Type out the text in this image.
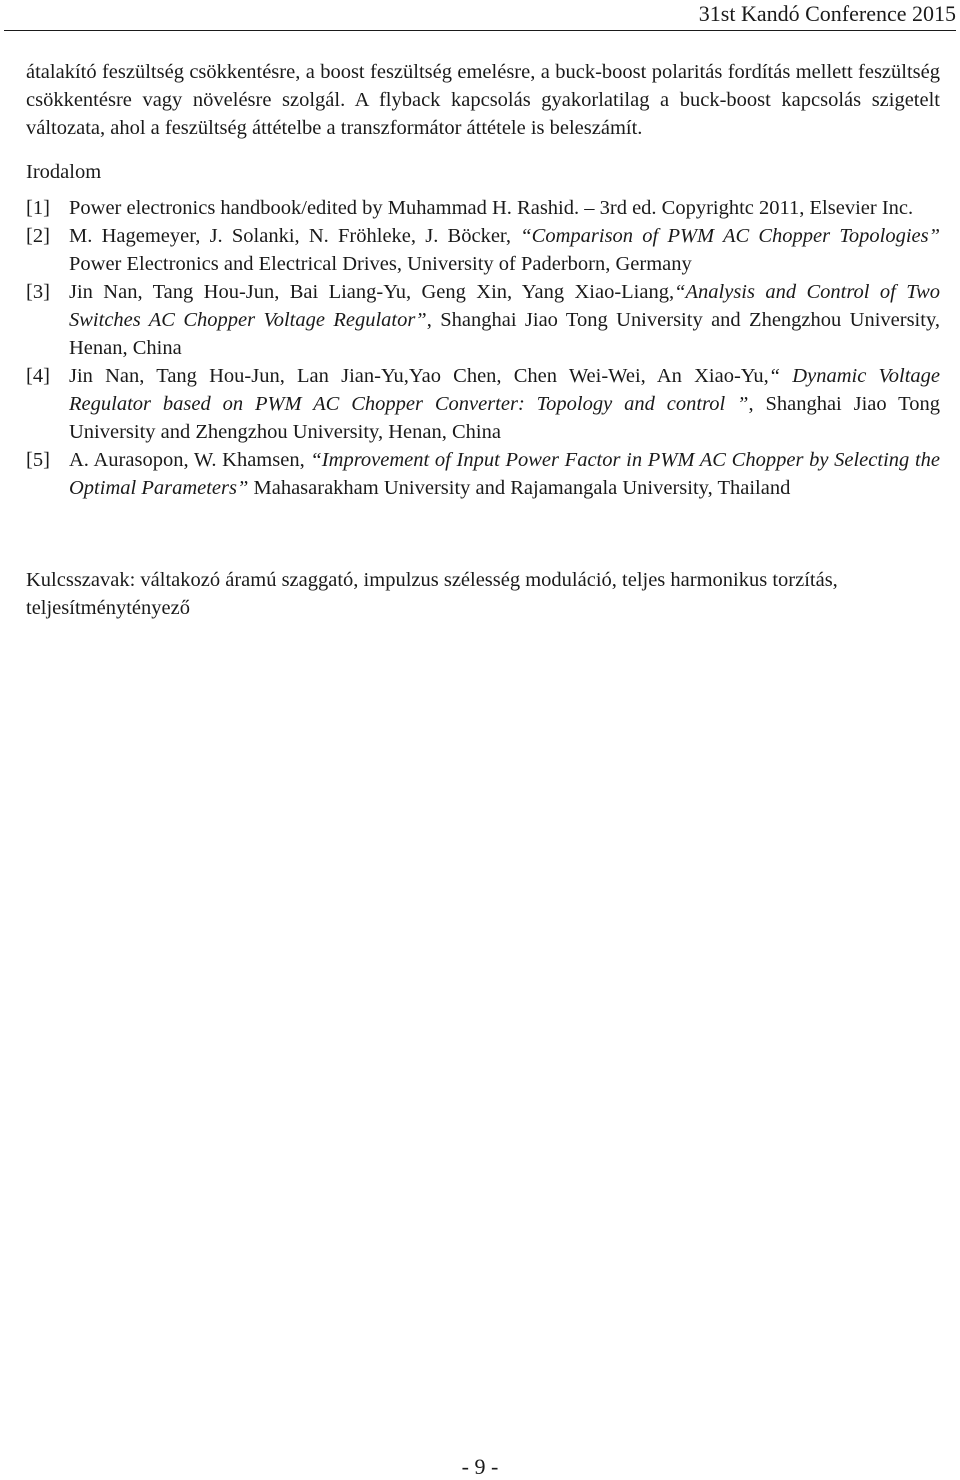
31st Kandó Conference 2015

átalakító feszültség csökkentésre, a boost feszültség emelésre, a buck-boost polaritás fordítás mellett feszültség csökkentésre vagy növelésre szolgál. A flyback kapcsolás gyakorlatilag a buck-boost kapcsolás szigetelt változata, ahol a feszültség áttételbe a transzformátor áttétele is beleszámít.

Irodalom
[1] Power electronics handbook/edited by Muhammad H. Rashid. – 3rd ed. Copyrightc 2011, Elsevier Inc.
[2] M. Hagemeyer, J. Solanki, N. Fröhleke, J. Böcker, “Comparison of PWM AC Chopper Topologies” Power Electronics and Electrical Drives, University of Paderborn, Germany
[3] Jin Nan, Tang Hou-Jun, Bai Liang-Yu, Geng Xin, Yang Xiao-Liang,“Analysis and Control of Two Switches AC Chopper Voltage Regulator”, Shanghai Jiao Tong University and Zhengzhou University, Henan, China
[4] Jin Nan, Tang Hou-Jun, Lan Jian-Yu,Yao Chen, Chen Wei-Wei, An Xiao-Yu,“ Dynamic Voltage Regulator based on PWM AC Chopper Converter: Topology and control ”, Shanghai Jiao Tong University and Zhengzhou University, Henan, China
[5] A. Aurasopon, W. Khamsen, “Improvement of Input Power Factor in PWM AC Chopper by Selecting the Optimal Parameters” Mahasarakham University and Rajamangala University, Thailand

Kulcsszavak: váltakozó áramú szaggató, impulzus szélesség moduláció, teljes harmonikus torzítás, teljesítménytényező

- 9 -
